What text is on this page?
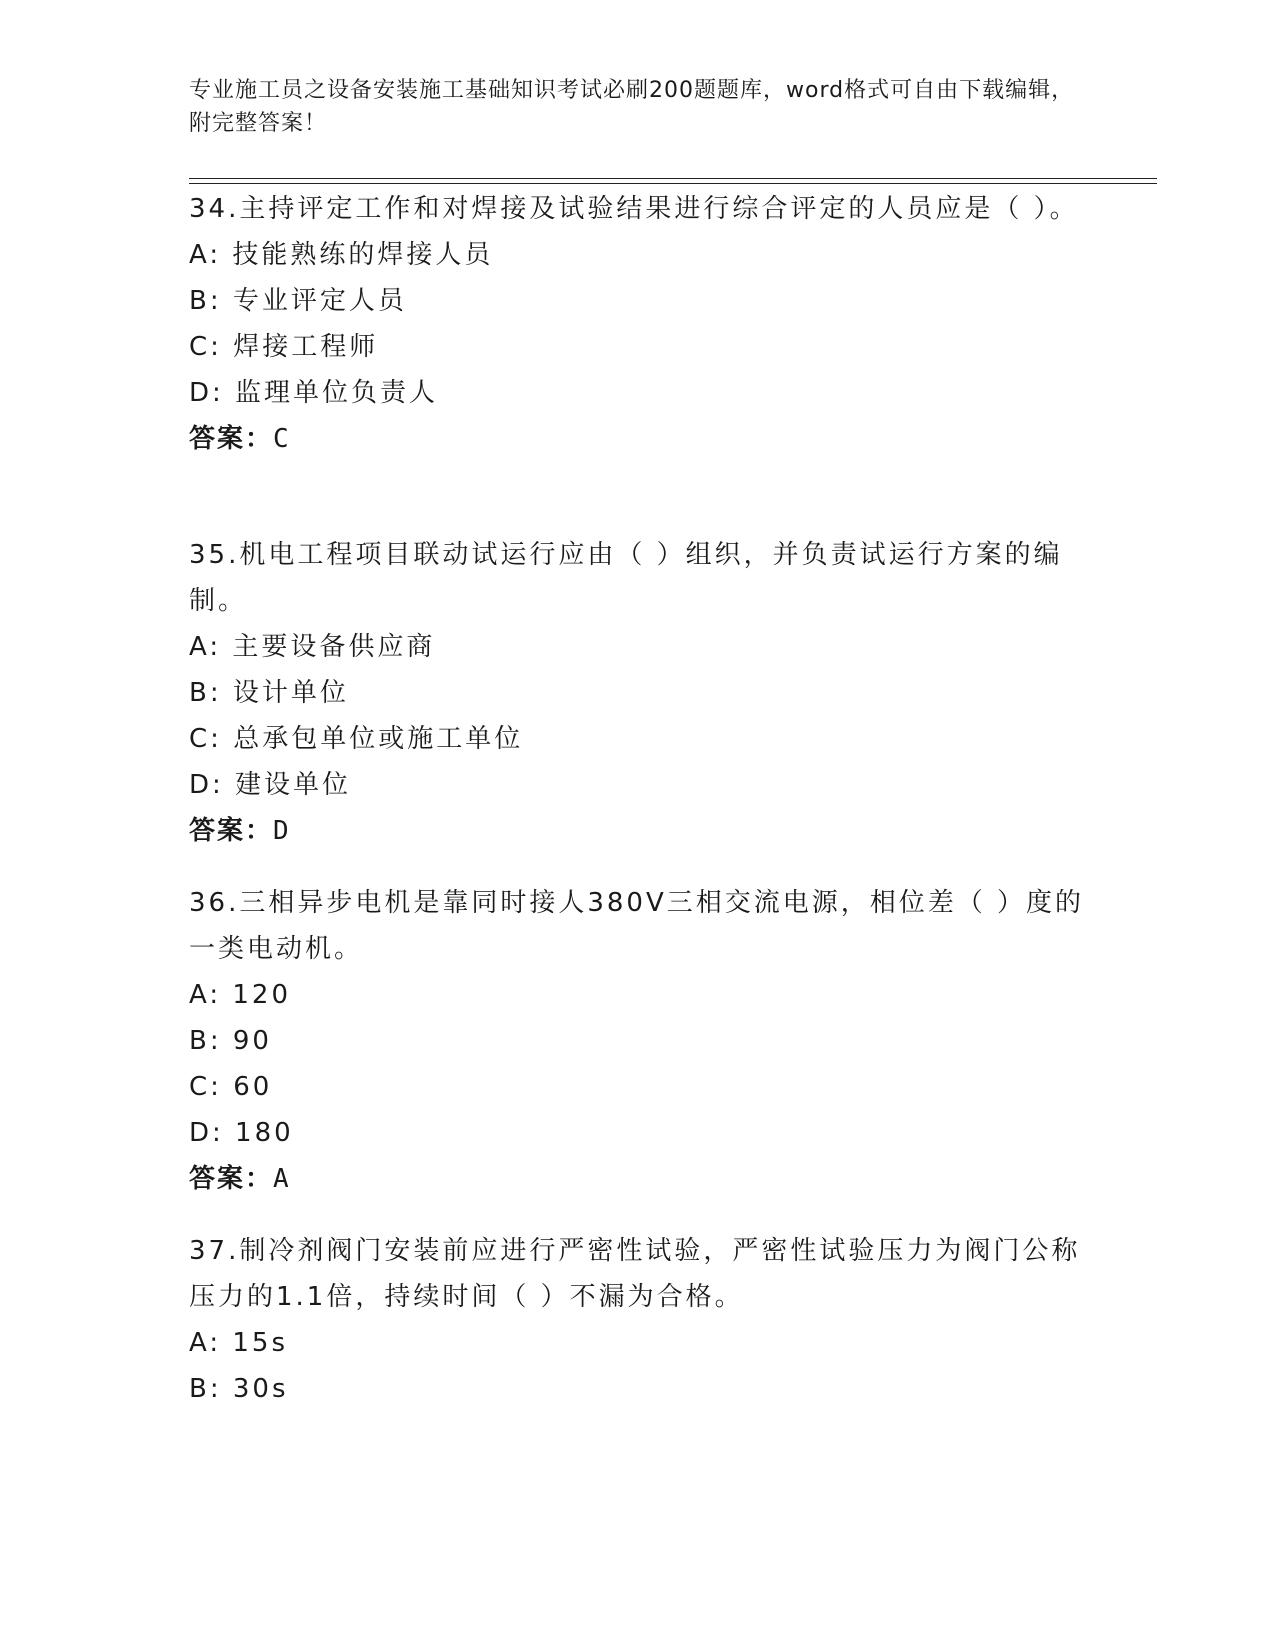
专业施工员之设备安装施工基础知识考试必刷200题题库，word格式可自由下载编辑，附完整答案！

34.主持评定工作和对焊接及试验结果进行综合评定的人员应是（ ）。

A: 技能熟练的焊接人员

B: 专业评定人员

C: 焊接工程师

D: 监理单位负责人

答案：C

35.机电工程项目联动试运行应由（ ）组织，并负责试运行方案的编制。

A: 主要设备供应商

B: 设计单位

C: 总承包单位或施工单位

D: 建设单位

答案：D

36.三相异步电机是靠同时接人380V三相交流电源，相位差（ ）度的一类电动机。

A: 120

B: 90

C: 60

D: 180

答案：A

37.制冷剂阀门安装前应进行严密性试验，严密性试验压力为阀门公称压力的1.1倍，持续时间（ ）不漏为合格。

A: 15s

B: 30s
